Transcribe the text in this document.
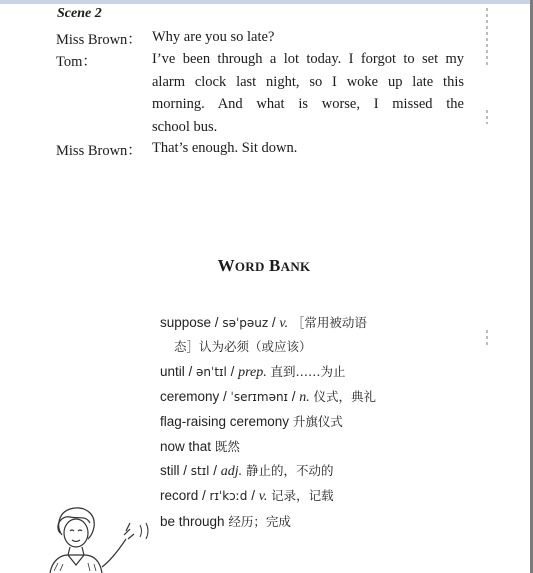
Scene 2
Miss Brown： Why are you so late?
Tom：	I’ve been through a lot today. I forgot to set my
alarm clock last night, so I woke up late this
morning. And what is worse, I missed the
school bus.
Miss Brown： That’s enough. Sit down.
WORD BANK
suppose / səˈpəuz / v. ［常用被动语
态］认为必须（或应该）
until / ənˈtɪl / prep. 直到……为止
ceremony / ˈserɪmənɪ / n. 仪式，典礼
flag-raising ceremony 升旗仪式
now that 既然
still / stɪl / adj. 静止的，不动的
record / rɪˈkɔːd / v. 记录，记载
be through 经历；完成
